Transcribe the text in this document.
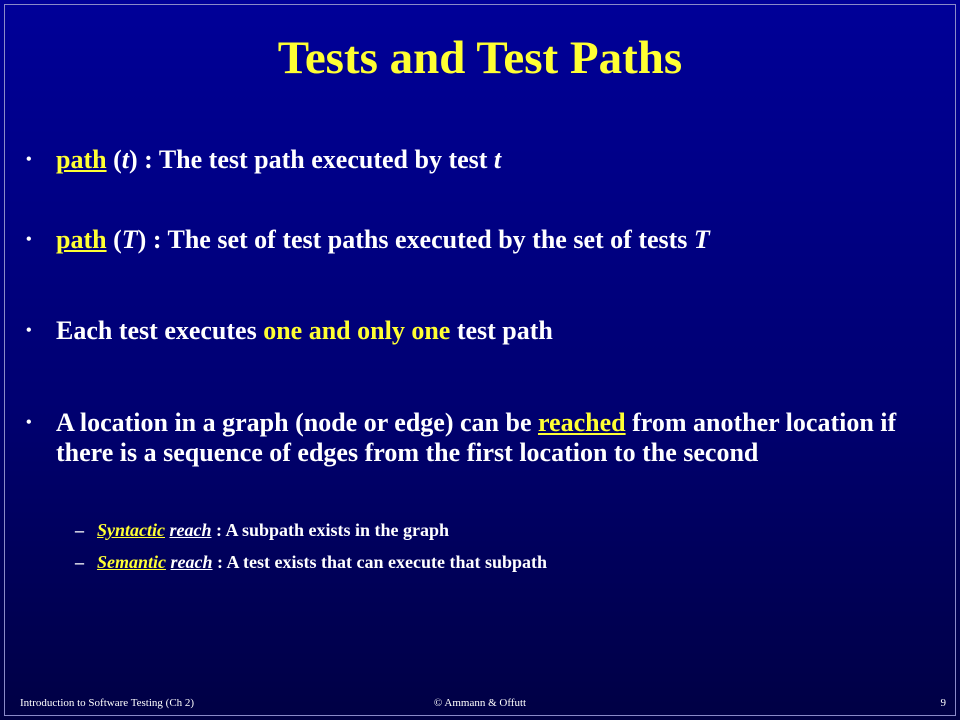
Tests and Test Paths
• path (t) : The test path executed by test t
• path (T) : The set of test paths executed by the set of tests T
• Each test executes one and only one test path
• A location in a graph (node or edge) can be reached from another location if there is a sequence of edges from the first location to the second
– Syntactic reach : A subpath exists in the graph
– Semantic reach : A test exists that can execute that subpath
Introduction to Software Testing (Ch 2)	© Ammann & Offutt	9
